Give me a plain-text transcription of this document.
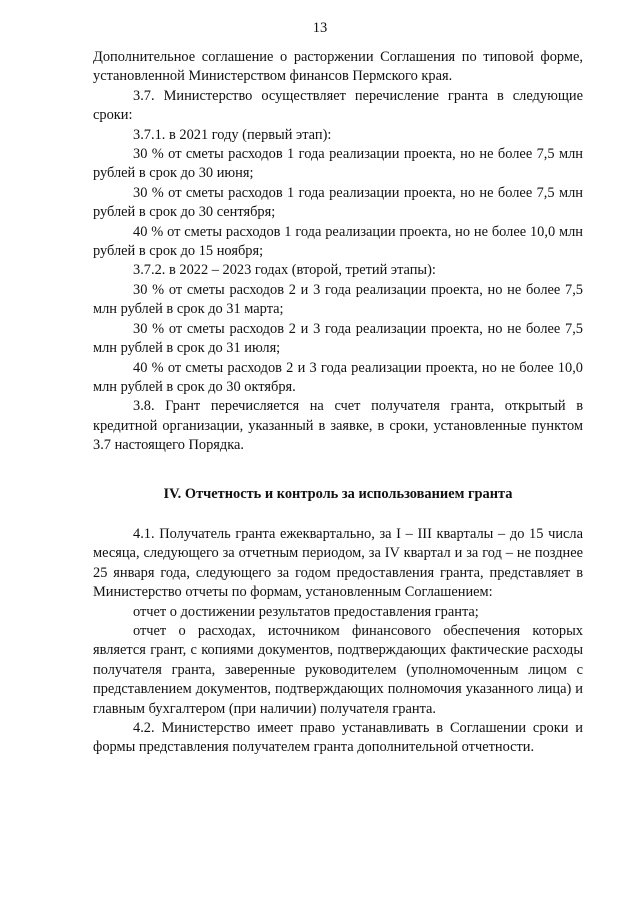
13

Дополнительное соглашение о расторжении Соглашения по типовой форме, установленной Министерством финансов Пермского края.

3.7. Министерство осуществляет перечисление гранта в следующие сроки:

3.7.1. в 2021 году (первый этап):

30 % от сметы расходов 1 года реализации проекта, но не более 7,5 млн рублей в срок до 30 июня;

30 % от сметы расходов 1 года реализации проекта, но не более 7,5 млн рублей в срок до 30 сентября;

40 % от сметы расходов 1 года реализации проекта, но не более 10,0 млн рублей в срок до 15 ноября;

3.7.2. в 2022 – 2023 годах (второй, третий этапы):

30 % от сметы расходов 2 и 3 года реализации проекта, но не более 7,5 млн рублей в срок до 31 марта;

30 % от сметы расходов 2 и 3 года реализации проекта, но не более 7,5 млн рублей в срок до 31 июля;

40 % от сметы расходов 2 и 3 года реализации проекта, но не более 10,0 млн рублей в срок до 30 октября.

3.8. Грант перечисляется на счет получателя гранта, открытый в кредитной организации, указанный в заявке, в сроки, установленные пунктом 3.7 настоящего Порядка.

IV. Отчетность и контроль за использованием гранта

4.1. Получатель гранта ежеквартально, за I – III кварталы – до 15 числа месяца, следующего за отчетным периодом, за IV квартал и за год – не позднее 25 января года, следующего за годом предоставления гранта, представляет в Министерство отчеты по формам, установленным Соглашением:

отчет о достижении результатов предоставления гранта;

отчет о расходах, источником финансового обеспечения которых является грант, с копиями документов, подтверждающих фактические расходы получателя гранта, заверенные руководителем (уполномоченным лицом с представлением документов, подтверждающих полномочия указанного лица) и главным бухгалтером (при наличии) получателя гранта.

4.2. Министерство имеет право устанавливать в Соглашении сроки и формы представления получателем гранта дополнительной отчетности.
